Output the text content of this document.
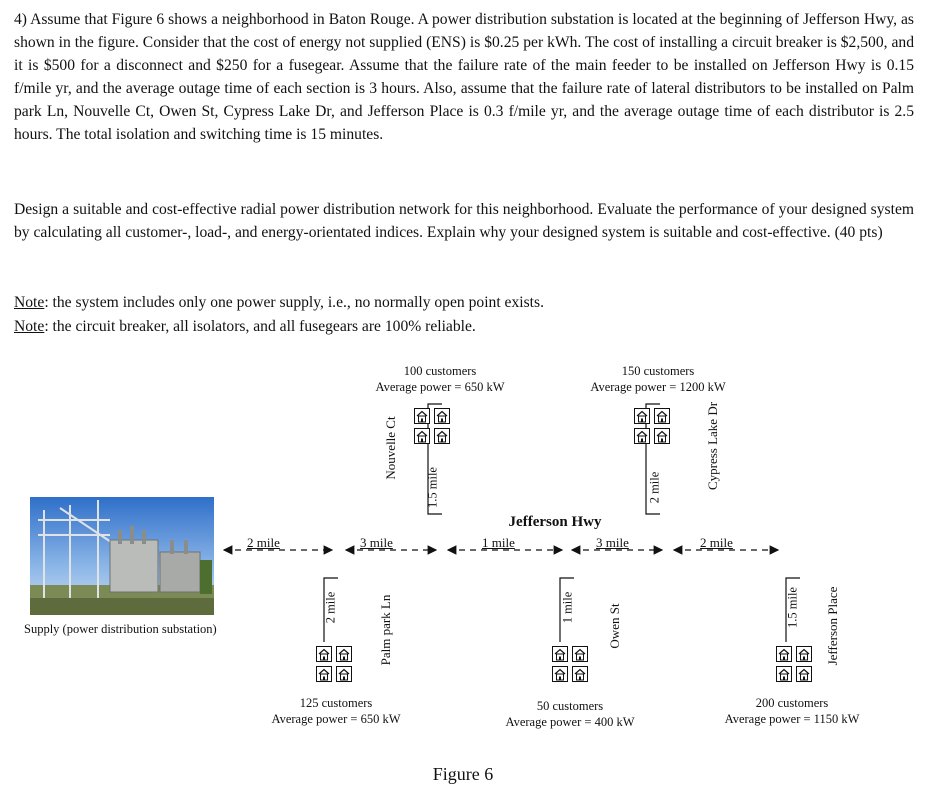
4) Assume that Figure 6 shows a neighborhood in Baton Rouge. A power distribution substation is located at the beginning of Jefferson Hwy, as shown in the figure. Consider that the cost of energy not supplied (ENS) is $0.25 per kWh. The cost of installing a circuit breaker is $2,500, and it is $500 for a disconnect and $250 for a fusegear. Assume that the failure rate of the main feeder to be installed on Jefferson Hwy is 0.15 f/mile yr, and the average outage time of each section is 3 hours. Also, assume that the failure rate of lateral distributors to be installed on Palm park Ln, Nouvelle Ct, Owen St, Cypress Lake Dr, and Jefferson Place is 0.3 f/mile yr, and the average outage time of each distributor is 2.5 hours. The total isolation and switching time is 15 minutes.

Design a suitable and cost-effective radial power distribution network for this neighborhood. Evaluate the performance of your designed system by calculating all customer-, load-, and energy-orientated indices. Explain why your designed system is suitable and cost-effective. (40 pts)

Note: the system includes only one power supply, i.e., no normally open point exists.

Note: the circuit breaker, all isolators, and all fusegears are 100% reliable.

100 customers
Average power = 650 kW
150 customers
Average power = 1200 kW
Nouvelle Ct
1.5 mile	Cypress Lake Dr
2 mile
Jefferson Hwy
2 mile	3 mile	1 mile	3 mile	2 mile
Supply (power distribution substation)
2 mile	Palm park Ln	1 mile	Owen St	1.5 mile Jefferson Place
125 customers
Average power = 650 kW
50 customers
Average power = 400 kW
200 customers
Average power = 1150 kW
Figure 6
